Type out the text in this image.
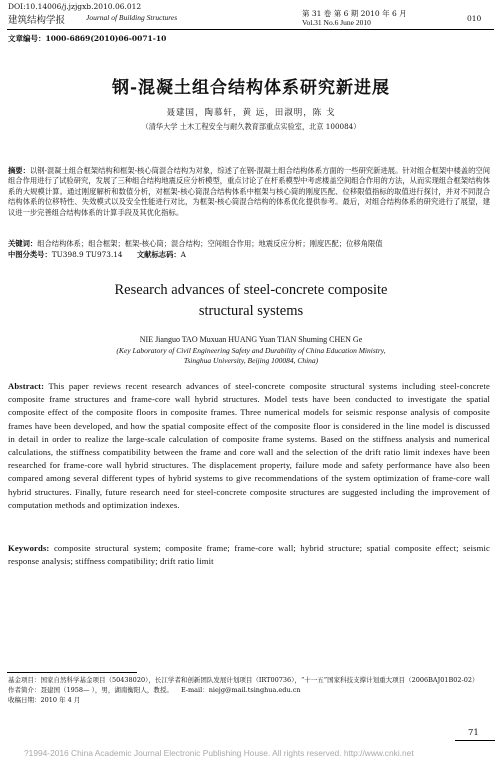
DOI:10.14006/j.jzjgxb.2010.06.012
建筑结构学报	Journal of Building Structures	第 31 卷 第 6 期 2010 年 6 月
Vol.31 No.6 June 2010	010
文章编号：1000-6869(2010)06-0071-10
钢-混凝土组合结构体系研究新进展
聂建国，陶慕轩，黄 远，田淑明，陈 戈
（清华大学 土木工程安全与耐久教育部重点实验室，北京 100084）
摘要：以钢-混凝土组合框架结构和框架-核心筒混合结构为对象，综述了在钢-混凝土组合结构体系方面的一些研究新进展。针对组合框架中楼盖的空间组合作用进行了试验研究，发展了三种组合结构地震反应分析模型，重点讨论了在杆系模型中考虑楼盖空间组合作用的方法，从而实现组合框架结构体系的大规模计算。通过刚度解析和数值分析，对框架-核心筒混合结构体系中框架与核心筒的刚度匹配、位移限值指标的取值进行探讨，并对不同混合结构体系的位移特性、失效模式以及安全性能进行对比，为框架-核心筒混合结构的体系优化提供参考。最后，对组合结构体系的研究进行了展望，建议进一步完善组合结构体系的计算手段及其优化指标。
关键词：组合结构体系；组合框架；框架-核心筒；混合结构；空间组合作用；地震反应分析；刚度匹配；位移角限值
中图分类号：TU398.9 TU973.14 文献标志码：A
Research advances of steel-concrete composite
structural systems
NIE Jianguo TAO Muxuan HUANG Yuan TIAN Shuming CHEN Ge
(Key Laboratory of Civil Engineering Safety and Durability of China Education Ministry,
Tsinghua University, Beijing 100084, China)
Abstract: This paper reviews recent research advances of steel-concrete composite structural systems including steel-concrete composite frame structures and frame-core wall hybrid structures. Model tests have been conducted to investigate the spatial composite effect of the composite floors in composite frames. Three numerical models for seismic response analysis of composite frames have been developed, and how the spatial composite effect of the composite floor is considered in the line model is discussed in detail in order to realize the large-scale calculation of composite frame systems. Based on the stiffness analysis and numerical calculations, the stiffness compatibility between the frame and core wall and the selection of the drift ratio limit indexes have been researched for frame-core wall hybrid structures. The displacement property, failure mode and safety performance have also been compared among several different types of hybrid systems to give recommendations of the system optimization of frame-core wall hybrid structures. Finally, future research need for steel-concrete composite structures are suggested including the improvement of computation methods and optimization indexes.
Keywords: composite structural system; composite frame; frame-core wall; hybrid structure; spatial composite effect; seismic response analysis; stiffness compatibility; drift ratio limit
基金项目：国家自然科学基金项目（50438020），长江学者和创新团队发展计划项目（IRT00736），“十一五”国家科技支撑计划重大项目（2006BAJ01B02-02）
作者简介：聂建国（1958— ），男，湖南衡阳人，教授。 E-mail：niejg@mail.tsinghua.edu.cn
收稿日期：2010 年 4 月
71
?1994-2016 China Academic Journal Electronic Publishing House. All rights reserved. http://www.cnki.net
